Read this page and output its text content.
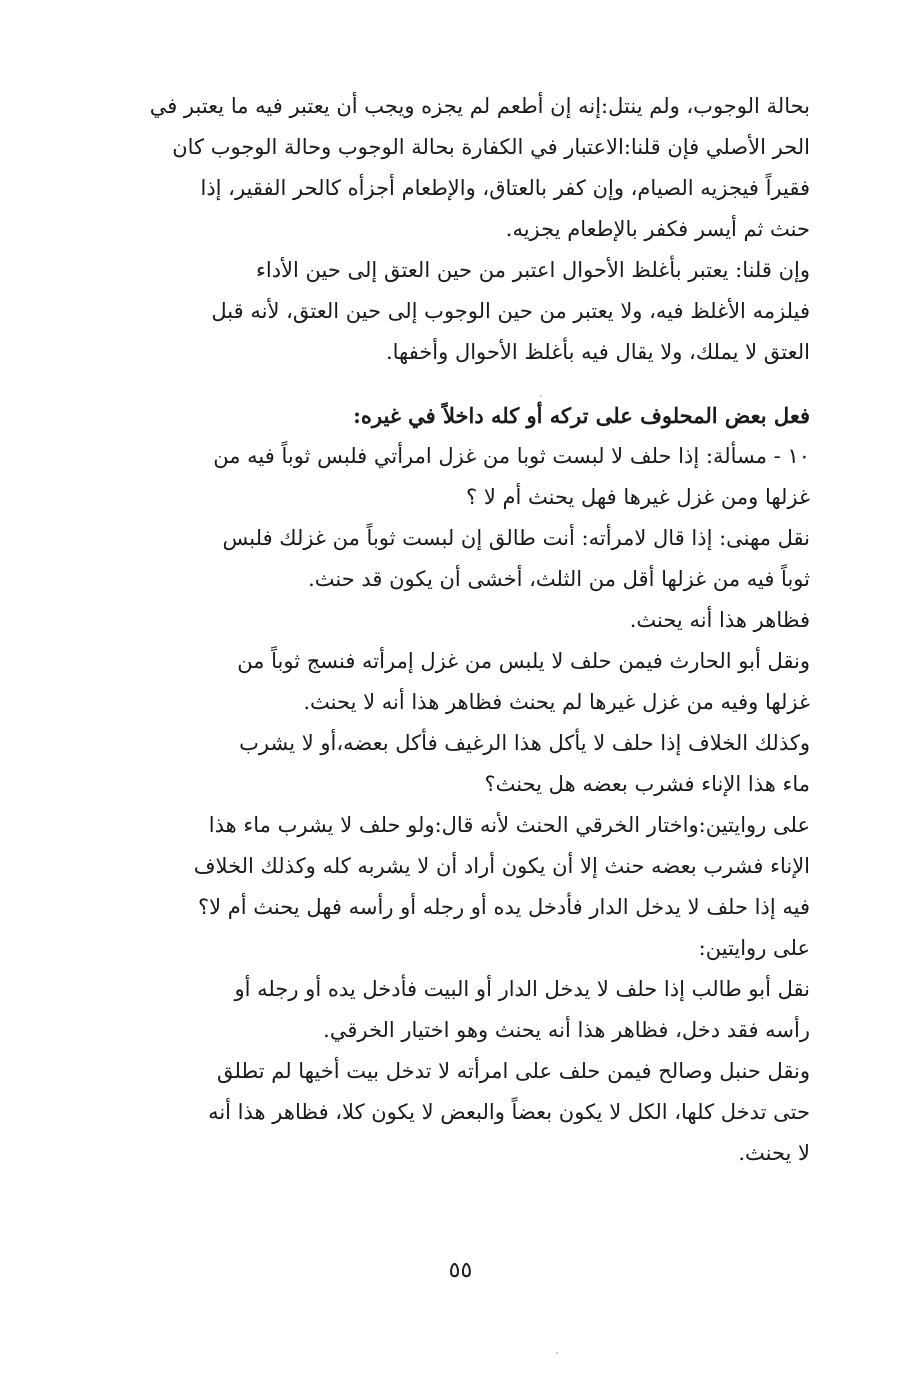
بحالة الوجوب، ولم ينتل:إنه إن أطعم لم يجزه ويجب أن يعتبر فيه ما يعتبر في
الحر الأصلي فإن قلنا:الاعتبار في الكفارة بحالة الوجوب وحالة الوجوب كان
فقيراً فيجزيه الصيام، وإن كفر بالعتاق، والإطعام أجزأه كالحر الفقير، إذا
حنث ثم أيسر فكفر بالإطعام يجزيه.
وإن قلنا: يعتبر بأغلظ الأحوال اعتبر من حين العتق إلى حين الأداء
فيلزمه الأغلظ فيه، ولا يعتبر من حين الوجوب إلى حين العتق، لأنه قبل
العتق لا يملك، ولا يقال فيه بأغلظ الأحوال وأخفها.
فعل بعض المحلوف على تركه أو كله داخلاً في غيره:
١٠ - مسألة: إذا حلف لا لبست ثوبا من غزل امرأتي فلبس ثوباً فيه من
غزلها ومن غزل غيرها فهل يحنث أم لا ؟
نقل مهنى: إذا قال لامرأته: أنت طالق إن لبست ثوباً من غزلك فلبس
ثوباً فيه من غزلها أقل من الثلث، أخشى أن يكون قد حنث.
فظاهر هذا أنه يحنث.
ونقل أبو الحارث فيمن حلف لا يلبس من غزل إمرأته فنسج ثوباً من
غزلها وفيه من غزل غيرها لم يحنث فظاهر هذا أنه لا يحنث.
وكذلك الخلاف إذا حلف لا يأكل هذا الرغيف فأكل بعضه،أو لا يشرب
ماء هذا الإناء فشرب بعضه هل يحنث؟
على روايتين:واختار الخرقي الحنث لأنه قال:ولو حلف لا يشرب ماء هذا
الإناء فشرب بعضه حنث إلا أن يكون أراد أن لا يشربه كله وكذلك الخلاف
فيه إذا حلف لا يدخل الدار فأدخل يده أو رجله أو رأسه فهل يحنث أم لا؟
على روايتين:
نقل أبو طالب إذا حلف لا يدخل الدار أو البيت فأدخل يده أو رجله أو
رأسه فقد دخل، فظاهر هذا أنه يحنث وهو اختيار الخرقي.
ونقل حنبل وصالح فيمن حلف على امرأته لا تدخل بيت أخيها لم تطلق
حتى تدخل كلها، الكل لا يكون بعضاً والبعض لا يكون كلا، فظاهر هذا أنه
لا يحنث.
٥٥
